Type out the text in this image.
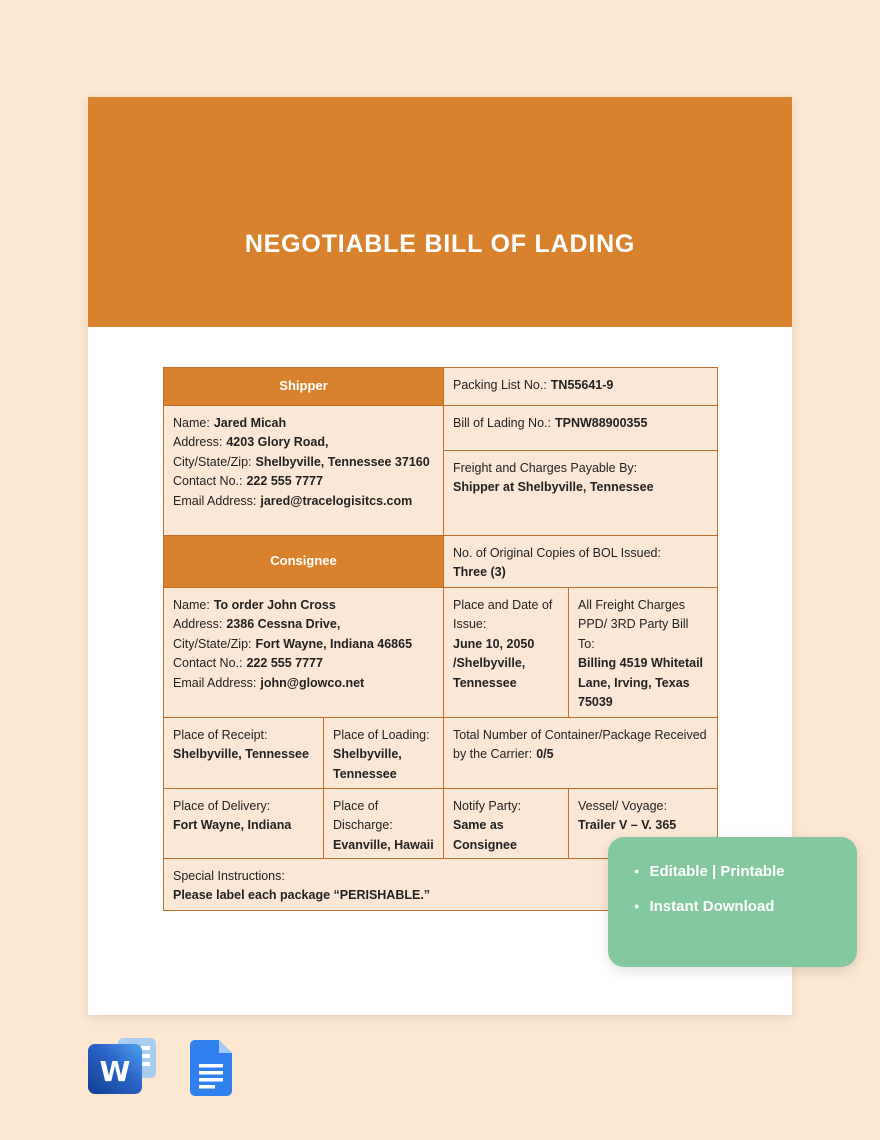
NEGOTIABLE BILL OF LADING
Shipper	Packing List No.: TN55641-9
Name: Jared Micah
Address: 4203 Glory Road,
City/State/Zip: Shelbyville, Tennessee 37160
Contact No.: 222 555 7777
Email Address: jared@tracelogisitcs.com
Bill of Lading No.: TPNW88900355
Freight and Charges Payable By:
Shipper at Shelbyville, Tennessee
Consignee
No. of Original Copies of BOL Issued:
Three (3)
Name: To order John Cross
Address: 2386 Cessna Drive,
City/State/Zip: Fort Wayne, Indiana 46865
Contact No.: 222 555 7777
Email Address: john@glowco.net
Place and Date of Issue:
June 10, 2050 /Shelbyville, Tennessee
All Freight Charges PPD/ 3RD Party Bill To:
Billing 4519 Whitetail Lane, Irving, Texas 75039
Place of Receipt:
Shelbyville, Tennessee
Place of Loading:
Shelbyville, Tennessee
Total Number of Container/Package Received by the Carrier: 0/5
Place of Delivery:
Fort Wayne, Indiana
Place of Discharge:
Evanville, Hawaii
Notify Party:
Same as Consignee
Vessel/ Voyage:
Trailer V – V. 365
Special Instructions:
Please label each package “PERISHABLE.”
● Editable | Printable
● Instant Download
W
